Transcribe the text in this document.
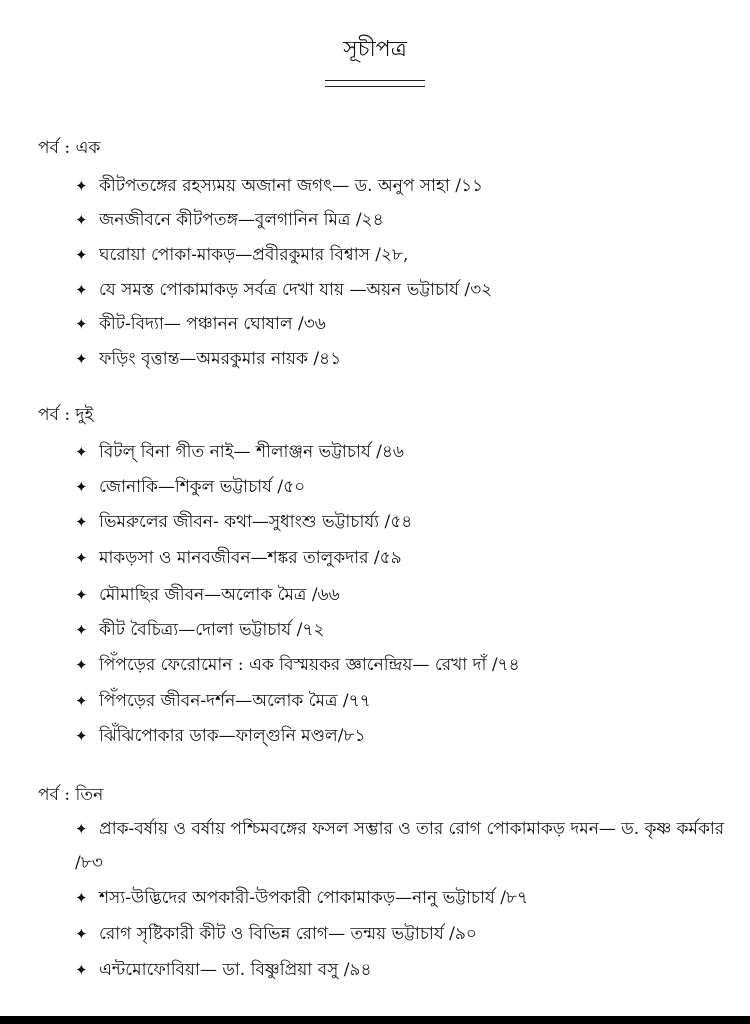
সূচীপত্র
পর্ব : এক
✦ কীটপতঙ্গের রহস্যময় অজানা জগৎ— ড. অনুপ সাহা /১১
✦ জনজীবনে কীটপতঙ্গ—বুলগানিন মিত্র /২৪
✦ ঘরোয়া পোকা-মাকড়—প্রবীরকুমার বিশ্বাস /২৮,
✦ যে সমস্ত পোকামাকড় সর্বত্র দেখা যায় —অয়ন ভট্টাচার্য /৩২
✦ কীট-বিদ্যা— পঞ্চানন ঘোষাল /৩৬
✦ ফড়িং বৃত্তান্ত—অমরকুমার নায়ক /৪১
পর্ব : দুই
✦ বিটল্ বিনা গীত নাই— শীলাঞ্জন ভট্টাচার্য /৪৬
✦ জোনাকি—শিকুল ভট্টাচার্য /৫০
✦ ভিমরুলের জীবন- কথা—সুধাংশু ভট্টাচার্য্য /৫৪
✦ মাকড়সা ও মানবজীবন—শঙ্কর তালুকদার /৫৯
✦ মৌমাছির জীবন—অলোক মৈত্র /৬৬
✦ কীট বৈচিত্র্য—দোলা ভট্টাচার্য /৭২
✦ পিঁপড়ের ফেরোমোন : এক বিস্ময়কর জ্ঞানেন্দ্রিয়— রেখা দাঁ /৭৪
✦ পিঁপড়ের জীবন-দর্শন—অলোক মৈত্র /৭৭
✦ ঝিঁঝিপোকার ডাক—ফাল্গুনি মণ্ডল/৮১
পর্ব : তিন
✦ প্রাক-বর্ষায় ও বর্ষায় পশ্চিমবঙ্গের ফসল সম্ভার ও তার রোগ পোকামাকড় দমন— ড. কৃষ্ণ কর্মকার /৮৩
✦ শস্য-উদ্ভিদের অপকারী-উপকারী পোকামাকড়—নানু ভট্টাচার্য /৮৭
✦ রোগ সৃষ্টিকারী কীট ও বিভিন্ন রোগ— তন্ময় ভট্টাচার্য /৯০
✦ এন্টমোফোবিয়া— ডা. বিষ্ণুপ্রিয়া বসু /৯৪
